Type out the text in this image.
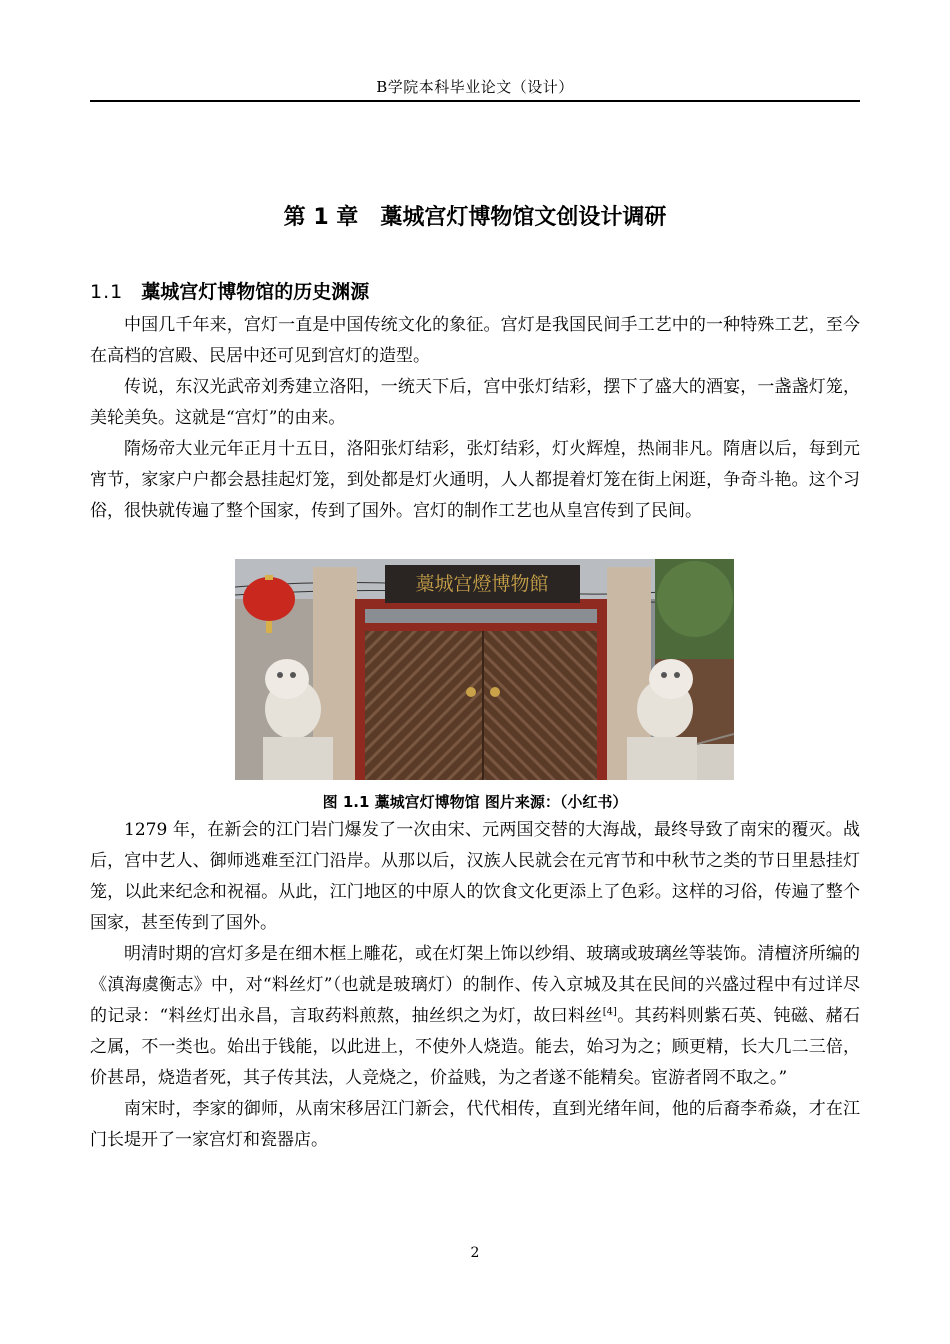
B学院本科毕业论文（设计）
第 1 章 藁城宫灯博物馆文创设计调研
1.1 藁城宫灯博物馆的历史渊源

中国几千年来，宫灯一直是中国传统文化的象征。宫灯是我国民间手工艺中的一种特殊工艺，至今在高档的宫殿、民居中还可见到宫灯的造型。

传说，东汉光武帝刘秀建立洛阳，一统天下后，宫中张灯结彩，摆下了盛大的酒宴，一盏盏灯笼，美轮美奂。这就是“宫灯”的由来。

隋炀帝大业元年正月十五日，洛阳张灯结彩，张灯结彩，灯火辉煌，热闹非凡。隋唐以后，每到元宵节，家家户户都会悬挂起灯笼，到处都是灯火通明，人人都提着灯笼在街上闲逛，争奇斗艳。这个习俗，很快就传遍了整个国家，传到了国外。宫灯的制作工艺也从皇宫传到了民间。

藁城宫燈博物館
图 1.1 藁城宫灯博物馆 图片来源：（小红书）

1279 年，在新会的江门岩门爆发了一次由宋、元两国交替的大海战，最终导致了南宋的覆灭。战后，宫中艺人、御师逃难至江门沿岸。从那以后，汉族人民就会在元宵节和中秋节之类的节日里悬挂灯笼，以此来纪念和祝福。从此，江门地区的中原人的饮食文化更添上了色彩。这样的习俗，传遍了整个国家，甚至传到了国外。

明清时期的宫灯多是在细木框上雕花，或在灯架上饰以纱绢、玻璃或玻璃丝等装饰。清檀济所编的《滇海虞衡志》中，对“料丝灯”（也就是玻璃灯）的制作、传入京城及其在民间的兴盛过程中有过详尽的记录：“料丝灯出永昌，言取药料煎熬，抽丝织之为灯，故曰料丝[4]。其药料则紫石英、钝磁、赭石之属，不一类也。始出于钱能，以此进上，不使外人烧造。能去，始习为之；顾更精，长大几二三倍，价甚昂，烧造者死，其子传其法，人竞烧之，价益贱，为之者遂不能精矣。宦游者罔不取之。”

南宋时，李家的御师，从南宋移居江门新会，代代相传，直到光绪年间，他的后裔李希焱，才在江门长堤开了一家宫灯和瓷器店。

2
